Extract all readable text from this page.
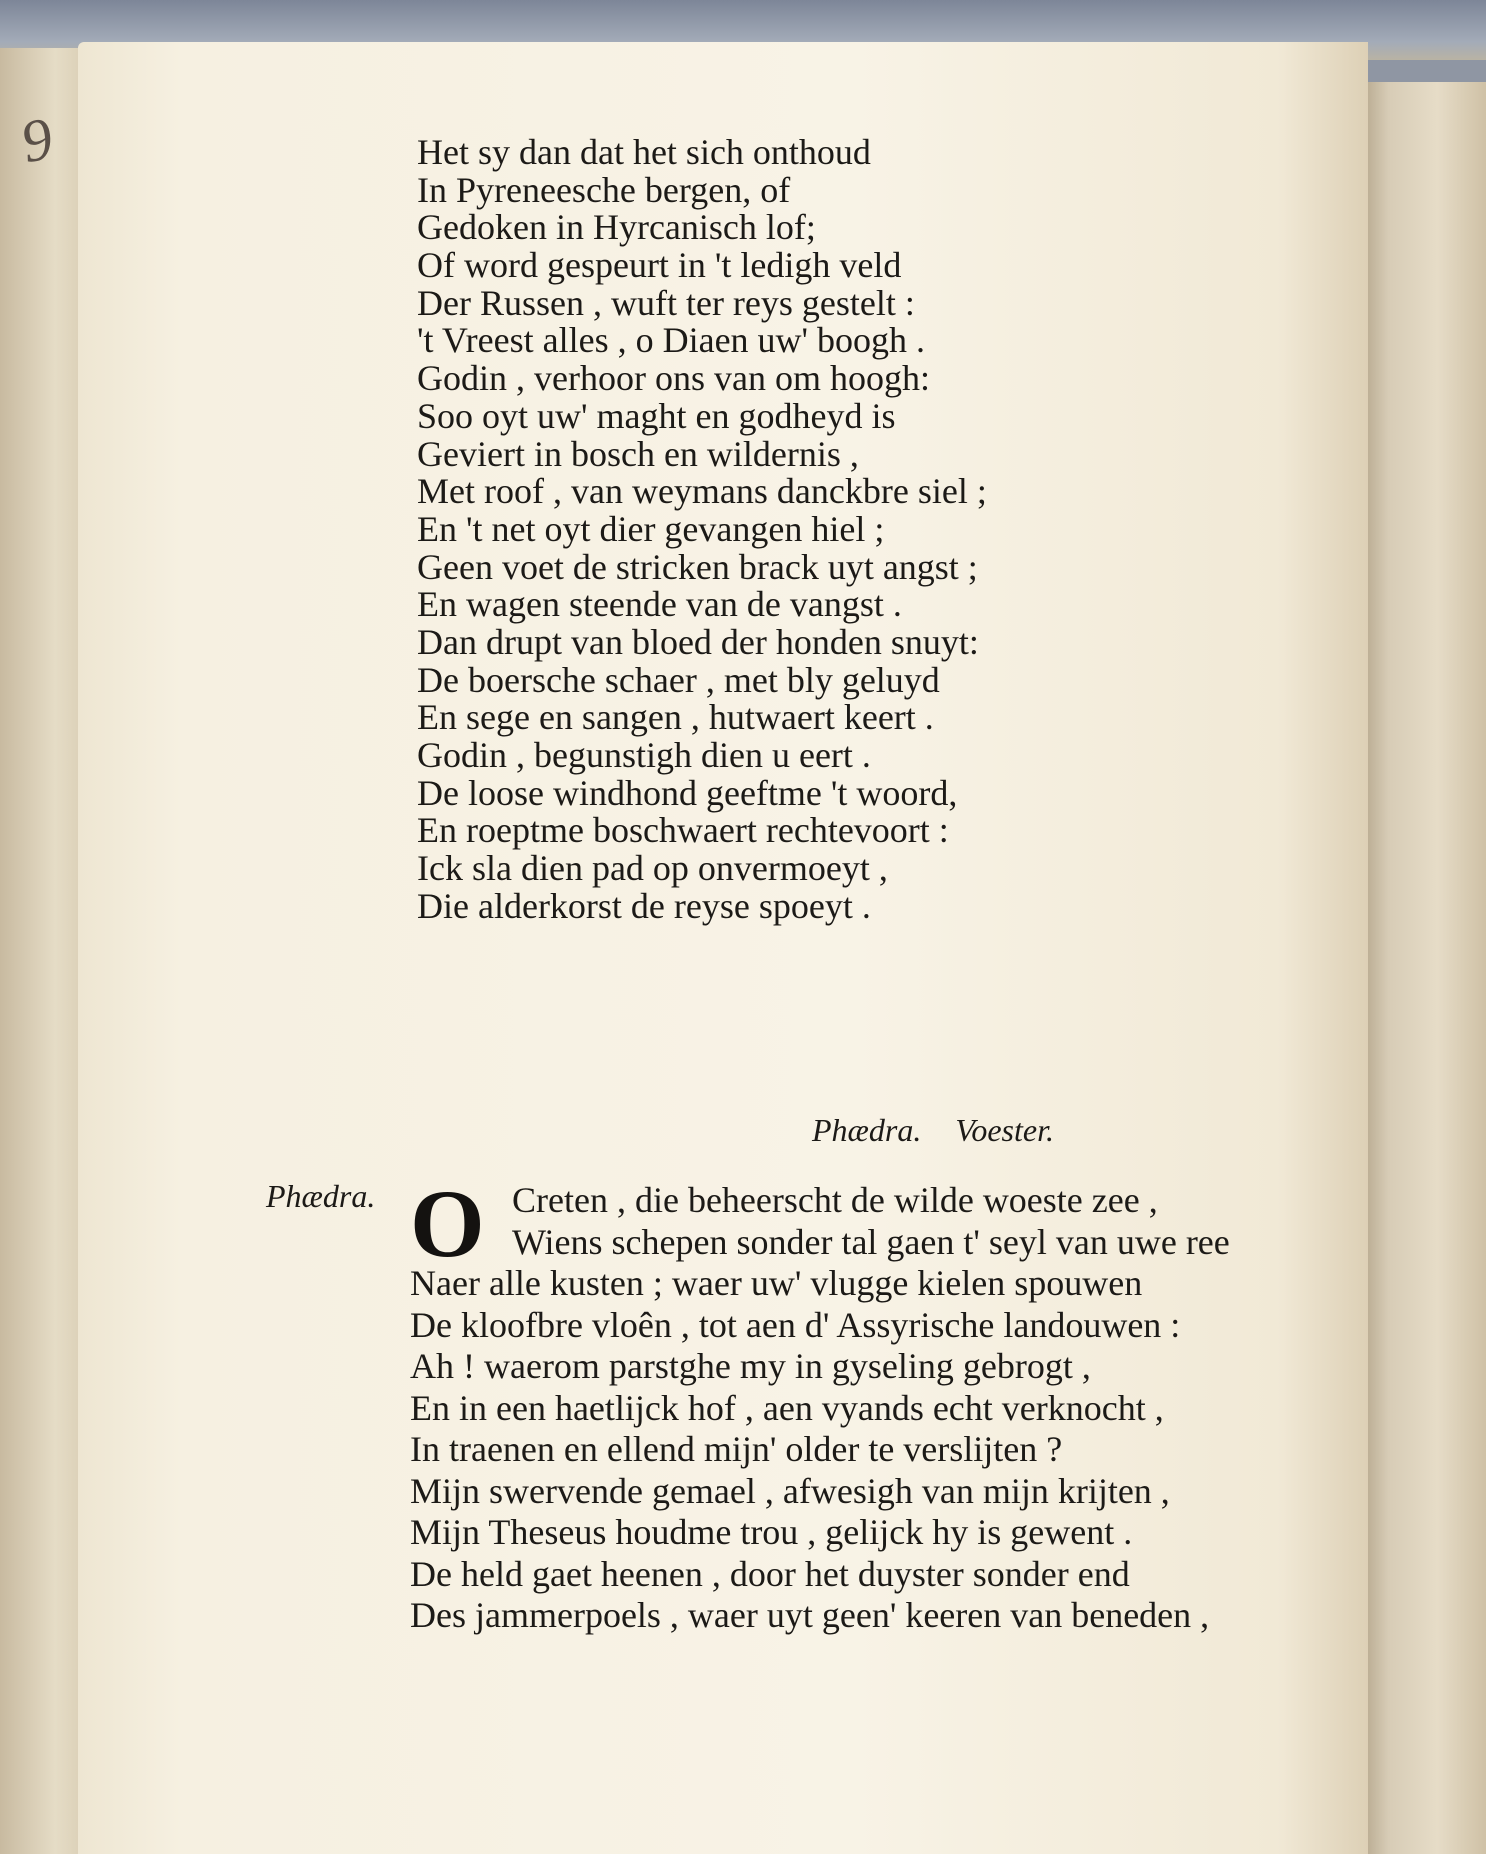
9	Het sy dan dat het sich onthoud
In Pyreneesche bergen, of
Gedoken in Hyrcanisch lof;
Of word gespeurt in 't ledigh veld
Der Russen , wuft ter reys gestelt :
't Vreest alles , o Diaen uw' boogh .
Godin , verhoor ons van om hoogh:
Soo oyt uw' maght en godheyd is
Geviert in bosch en wildernis ,
Met roof , van weymans danckbre siel ;
En 't net oyt dier gevangen hiel ;
Geen voet de stricken brack uyt angst ;
En wagen steende van de vangst .
Dan drupt van bloed der honden snuyt:
De boersche schaer , met bly geluyd
En sege en sangen , hutwaert keert .
Godin , begunstigh dien u eert .
De loose windhond geeftme 't woord,
En roeptme boschwaert rechtevoort :
Ick sla dien pad op onvermoeyt ,
Die alderkorst de reyse spoeyt .
Phædra. Voester.
Phædra. O Creten , die beheerscht de wilde woeste zee ,
Wiens schepen sonder tal gaen t' seyl van uwe ree
Naer alle kusten ; waer uw' vlugge kielen spouwen
De kloofbre vloên , tot aen d' Assyrische landouwen :
Ah ! waerom parstghe my in gyseling gebrogt ,
En in een haetlijck hof , aen vyands echt verknocht ,
In traenen en ellend mijn' older te verslijten ?
Mijn swervende gemael , afwesigh van mijn krijten ,
Mijn Theseus houdme trou , gelijck hy is gewent .
De held gaet heenen , door het duyster sonder end
Des jammerpoels , waer uyt geen' keeren van beneden ,
